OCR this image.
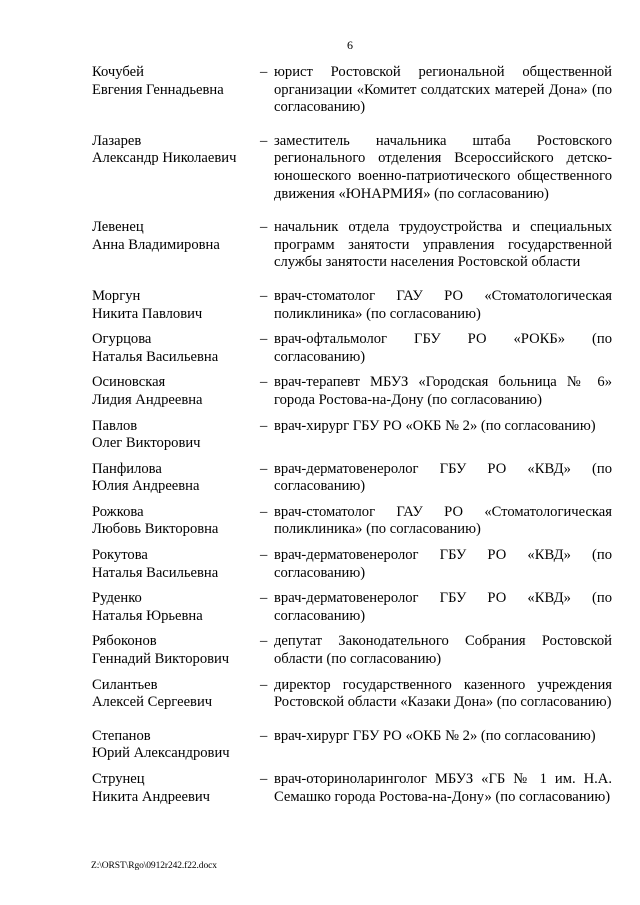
6
Кочубей
Евгения Геннадьевна
– юрист Ростовской региональной общественной организации «Комитет солдатских матерей Дона» (по согласованию)
Лазарев
Александр Николаевич
– заместитель начальника штаба Ростовского регионального отделения Всероссийского детско-юношеского военно-патриотического общественного движения «ЮНАРМИЯ» (по согласованию)
Левенец
Анна Владимировна
– начальник отдела трудоустройства и специальных программ занятости управления государственной службы занятости населения Ростовской области
Моргун
Никита Павлович
– врач-стоматолог ГАУ РО «Стоматологическая поликлиника» (по согласованию)
Огурцова
Наталья Васильевна
– врач-офтальмолог ГБУ РО «РОКБ» (по согласованию)
Осиновская
Лидия Андреевна
– врач-терапевт МБУЗ «Городская больница № 6» города Ростова-на-Дону (по согласованию)
Павлов
Олег Викторович
– врач-хирург ГБУ РО «ОКБ № 2» (по согласованию)
Панфилова
Юлия Андреевна
– врач-дерматовенеролог ГБУ РО «КВД» (по согласованию)
Рожкова
Любовь Викторовна
– врач-стоматолог ГАУ РО «Стоматологическая поликлиника» (по согласованию)
Рокутова
Наталья Васильевна
– врач-дерматовенеролог ГБУ РО «КВД» (по согласованию)
Руденко
Наталья Юрьевна
– врач-дерматовенеролог ГБУ РО «КВД» (по согласованию)
Рябоконов
Геннадий Викторович
– депутат Законодательного Собрания Ростовской области (по согласованию)
Силантьев
Алексей Сергеевич
– директор государственного казенного учреждения Ростовской области «Казаки Дона» (по согласованию)
Степанов
Юрий Александрович
– врач-хирург ГБУ РО «ОКБ № 2» (по согласованию)
Струнец
Никита Андреевич
– врач-оториноларинголог МБУЗ «ГБ № 1 им. Н.А. Семашко города Ростова-на-Дону» (по согласованию)
Z:\ORST\Rgo\0912r242.f22.docx
